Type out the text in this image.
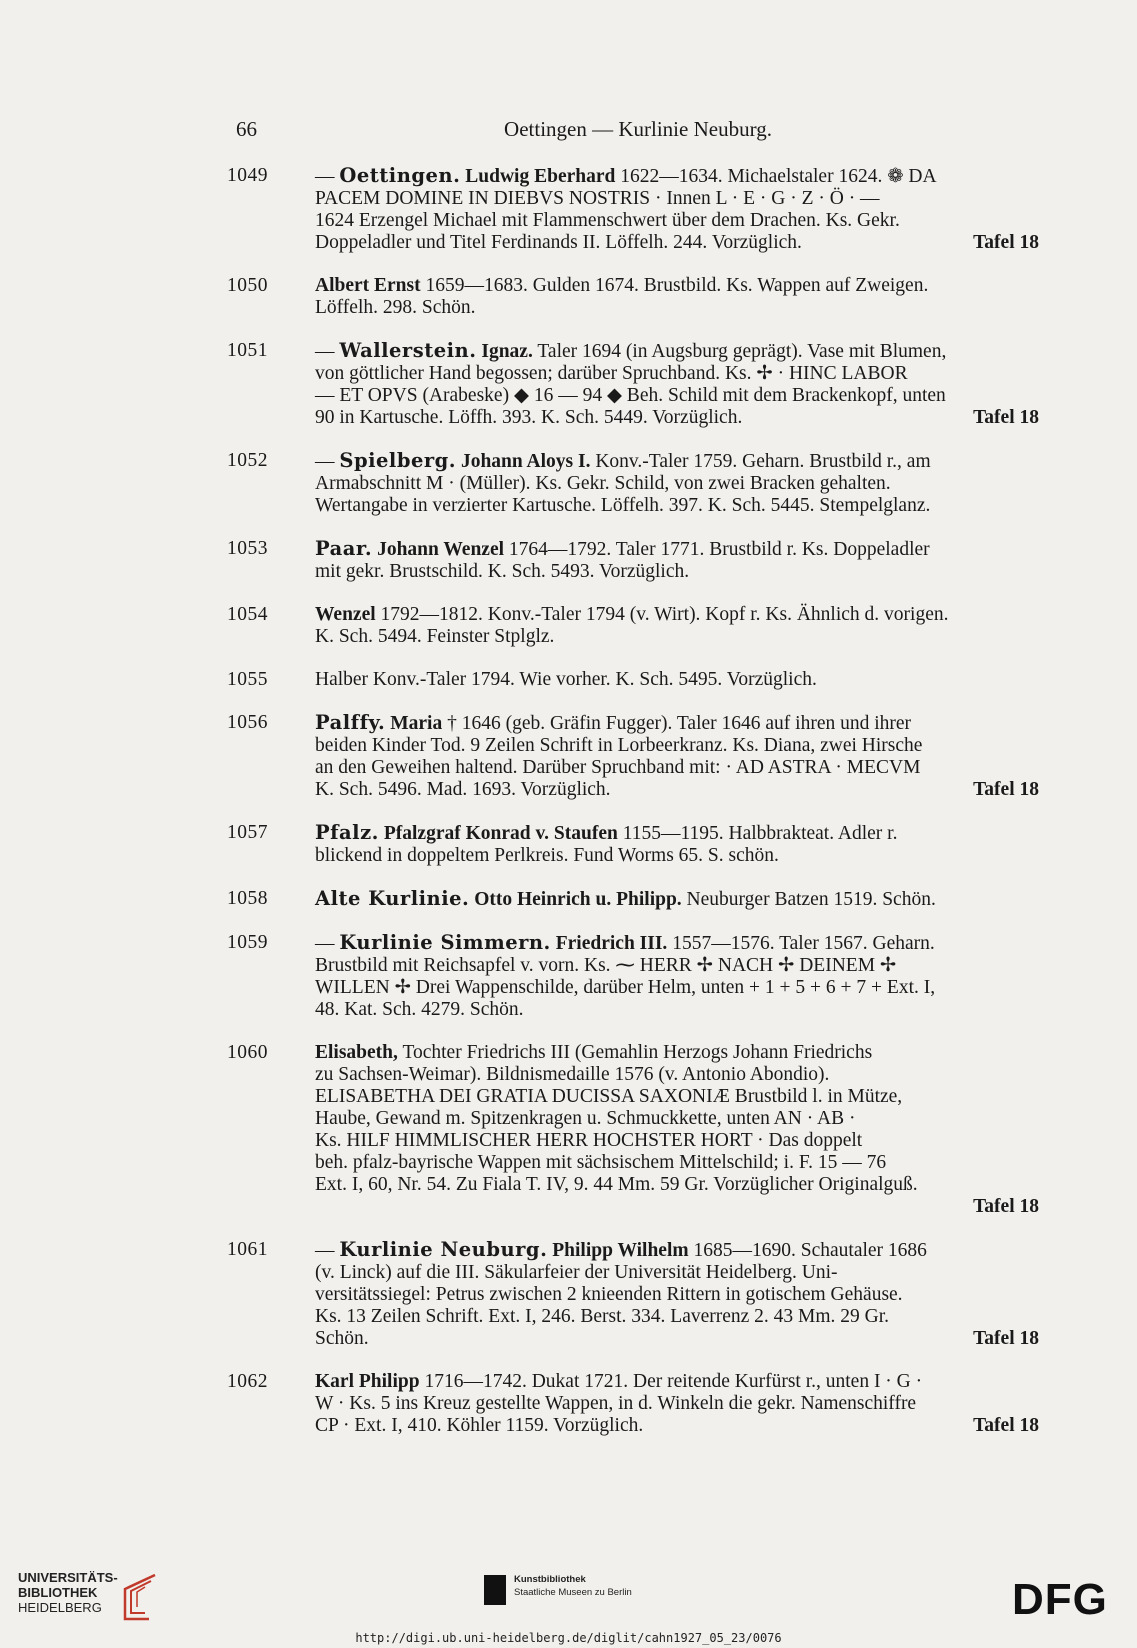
66	Oettingen — Kurlinie Neuburg.
1049 — Oettingen. Ludwig Eberhard 1622—1634. Michaelstaler 1624. ❁ DA
PACEM DOMINE IN DIEBVS NOSTRIS · Innen L · E · G · Z · Ö · —
1624 Erzengel Michael mit Flammenschwert über dem Drachen. Ks. Gekr.
Doppeladler und Titel Ferdinands II. Löffelh. 244. Vorzüglich.	Tafel 18
1050 Albert Ernst 1659—1683. Gulden 1674. Brustbild. Ks. Wappen auf Zweigen.
Löffelh. 298. Schön.
1051 — Wallerstein. Ignaz. Taler 1694 (in Augsburg geprägt). Vase mit Blumen,
von göttlicher Hand begossen; darüber Spruchband. Ks. ✢ · HINC LABOR
— ET OPVS (Arabeske) ◆ 16 — 94 ◆ Beh. Schild mit dem Brackenkopf, unten
90 in Kartusche. Löffh. 393. K. Sch. 5449. Vorzüglich.	Tafel 18
1052 — Spielberg. Johann Aloys I. Konv.-Taler 1759. Geharn. Brustbild r., am
Armabschnitt M · (Müller). Ks. Gekr. Schild, von zwei Bracken gehalten.
Wertangabe in verzierter Kartusche. Löffelh. 397. K. Sch. 5445. Stempelglanz.
1053 Paar. Johann Wenzel 1764—1792. Taler 1771. Brustbild r. Ks. Doppeladler
mit gekr. Brustschild. K. Sch. 5493. Vorzüglich.
1054 Wenzel 1792—1812. Konv.-Taler 1794 (v. Wirt). Kopf r. Ks. Ähnlich d. vorigen.
K. Sch. 5494. Feinster Stplglz.
1055 Halber Konv.-Taler 1794. Wie vorher. K. Sch. 5495. Vorzüglich.
1056 Palffy. Maria † 1646 (geb. Gräfin Fugger). Taler 1646 auf ihren und ihrer
beiden Kinder Tod. 9 Zeilen Schrift in Lorbeerkranz. Ks. Diana, zwei Hirsche
an den Geweihen haltend. Darüber Spruchband mit: · AD ASTRA · MECVM
K. Sch. 5496. Mad. 1693. Vorzüglich.	Tafel 18
1057 Pfalz. Pfalzgraf Konrad v. Staufen 1155—1195. Halbbrakteat. Adler r.
blickend in doppeltem Perlkreis. Fund Worms 65. S. schön.
1058 Alte Kurlinie. Otto Heinrich u. Philipp. Neuburger Batzen 1519. Schön.
1059 — Kurlinie Simmern. Friedrich III. 1557—1576. Taler 1567. Geharn.
Brustbild mit Reichsapfel v. vorn. Ks. ⁓ HERR ✢ NACH ✢ DEINEM ✢
WILLEN ✢ Drei Wappenschilde, darüber Helm, unten + 1 + 5 + 6 + 7 + Ext. I,
48. Kat. Sch. 4279. Schön.
1060 Elisabeth, Tochter Friedrichs III (Gemahlin Herzogs Johann Friedrichs
zu Sachsen-Weimar). Bildnismedaille 1576 (v. Antonio Abondio).
ELISABETHA DEI GRATIA DUCISSA SAXONIÆ Brustbild l. in Mütze,
Haube, Gewand m. Spitzenkragen u. Schmuckkette, unten AN · AB ·
Ks. HILF HIMMLISCHER HERR HOCHSTER HORT · Das doppelt
beh. pfalz-bayrische Wappen mit sächsischem Mittelschild; i. F. 15 — 76
Ext. I, 60, Nr. 54. Zu Fiala T. IV, 9. 44 Mm. 59 Gr. Vorzüglicher Originalguß.
Tafel 18
1061 — Kurlinie Neuburg. Philipp Wilhelm 1685—1690. Schautaler 1686
(v. Linck) auf die III. Säkularfeier der Universität Heidelberg. Uni-
versitätssiegel: Petrus zwischen 2 knieenden Rittern in gotischem Gehäuse.
Ks. 13 Zeilen Schrift. Ext. I, 246. Berst. 334. Laverrenz 2. 43 Mm. 29 Gr.
Schön.	Tafel 18
1062 Karl Philipp 1716—1742. Dukat 1721. Der reitende Kurfürst r., unten I · G ·
W · Ks. 5 ins Kreuz gestellte Wappen, in d. Winkeln die gekr. Namenschiffre
CP · Ext. I, 410. Köhler 1159. Vorzüglich.	Tafel 18
UNIVERSITÄTS-
BIBLIOTHEK
HEIDELBERG
Kunstbibliothek
Staatliche Museen zu Berlin	DFG
http://digi.ub.uni-heidelberg.de/diglit/cahn1927_05_23/0076
